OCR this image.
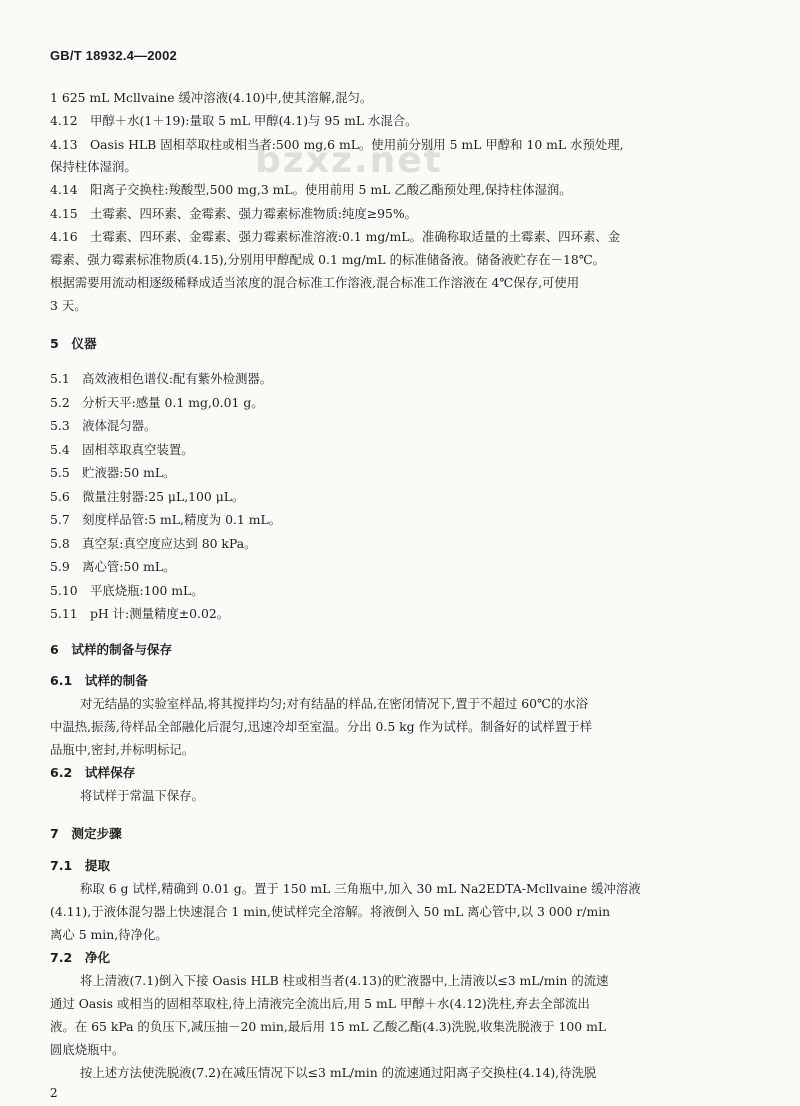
GB/T 18932.4—2002
bzxz.net
1 625 mL Mcllvaine 缓冲溶液(4.10)中,使其溶解,混匀。
4.12　甲醇＋水(1＋19):量取 5 mL 甲醇(4.1)与 95 mL 水混合。
4.13　Oasis HLB 固相萃取柱或相当者:500 mg,6 mL。使用前分别用 5 mL 甲醇和 10 mL 水预处理,
保持柱体湿润。
4.14　阳离子交换柱:羧酸型,500 mg,3 mL。使用前用 5 mL 乙酸乙酯预处理,保持柱体湿润。
4.15　土霉素、四环素、金霉素、强力霉素标准物质:纯度≥95%。
4.16　土霉素、四环素、金霉素、强力霉素标准溶液:0.1 mg/mL。准确称取适量的土霉素、四环素、金
霉素、强力霉素标准物质(4.15),分别用甲醇配成 0.1 mg/mL 的标准储备液。储备液贮存在－18℃。
根据需要用流动相逐级稀释成适当浓度的混合标准工作溶液,混合标准工作溶液在 4℃保存,可使用
3 天。
5　仪器
5.1　高效液相色谱仪:配有紫外检测器。
5.2　分析天平:感量 0.1 mg,0.01 g。
5.3　液体混匀器。
5.4　固相萃取真空装置。
5.5　贮液器:50 mL。
5.6　微量注射器:25 μL,100 μL。
5.7　刻度样品管:5 mL,精度为 0.1 mL。
5.8　真空泵:真空度应达到 80 kPa。
5.9　离心管:50 mL。
5.10　平底烧瓶:100 mL。
5.11　pH 计:测量精度±0.02。
6　试样的制备与保存
6.1　试样的制备
对无结晶的实验室样品,将其搅拌均匀;对有结晶的样品,在密闭情况下,置于不超过 60℃的水浴
中温热,振荡,待样品全部融化后混匀,迅速冷却至室温。分出 0.5 kg 作为试样。制备好的试样置于样
品瓶中,密封,并标明标记。
6.2　试样保存
将试样于常温下保存。
7　测定步骤
7.1　提取
称取 6 g 试样,精确到 0.01 g。置于 150 mL 三角瓶中,加入 30 mL Na2EDTA-Mcllvaine 缓冲溶液
(4.11),于液体混匀器上快速混合 1 min,使试样完全溶解。将液倒入 50 mL 离心管中,以 3 000 r/min
离心 5 min,待净化。
7.2　净化
将上清液(7.1)倒入下接 Oasis HLB 柱或相当者(4.13)的贮液器中,上清液以≤3 mL/min 的流速
通过 Oasis 或相当的固相萃取柱,待上清液完全流出后,用 5 mL 甲醇＋水(4.12)洗柱,弃去全部流出
液。在 65 kPa 的负压下,减压抽－20 min,最后用 15 mL 乙酸乙酯(4.3)洗脱,收集洗脱液于 100 mL
圆底烧瓶中。
按上述方法使洗脱液(7.2)在减压情况下以≤3 mL/min 的流速通过阳离子交换柱(4.14),待洗脱
2
